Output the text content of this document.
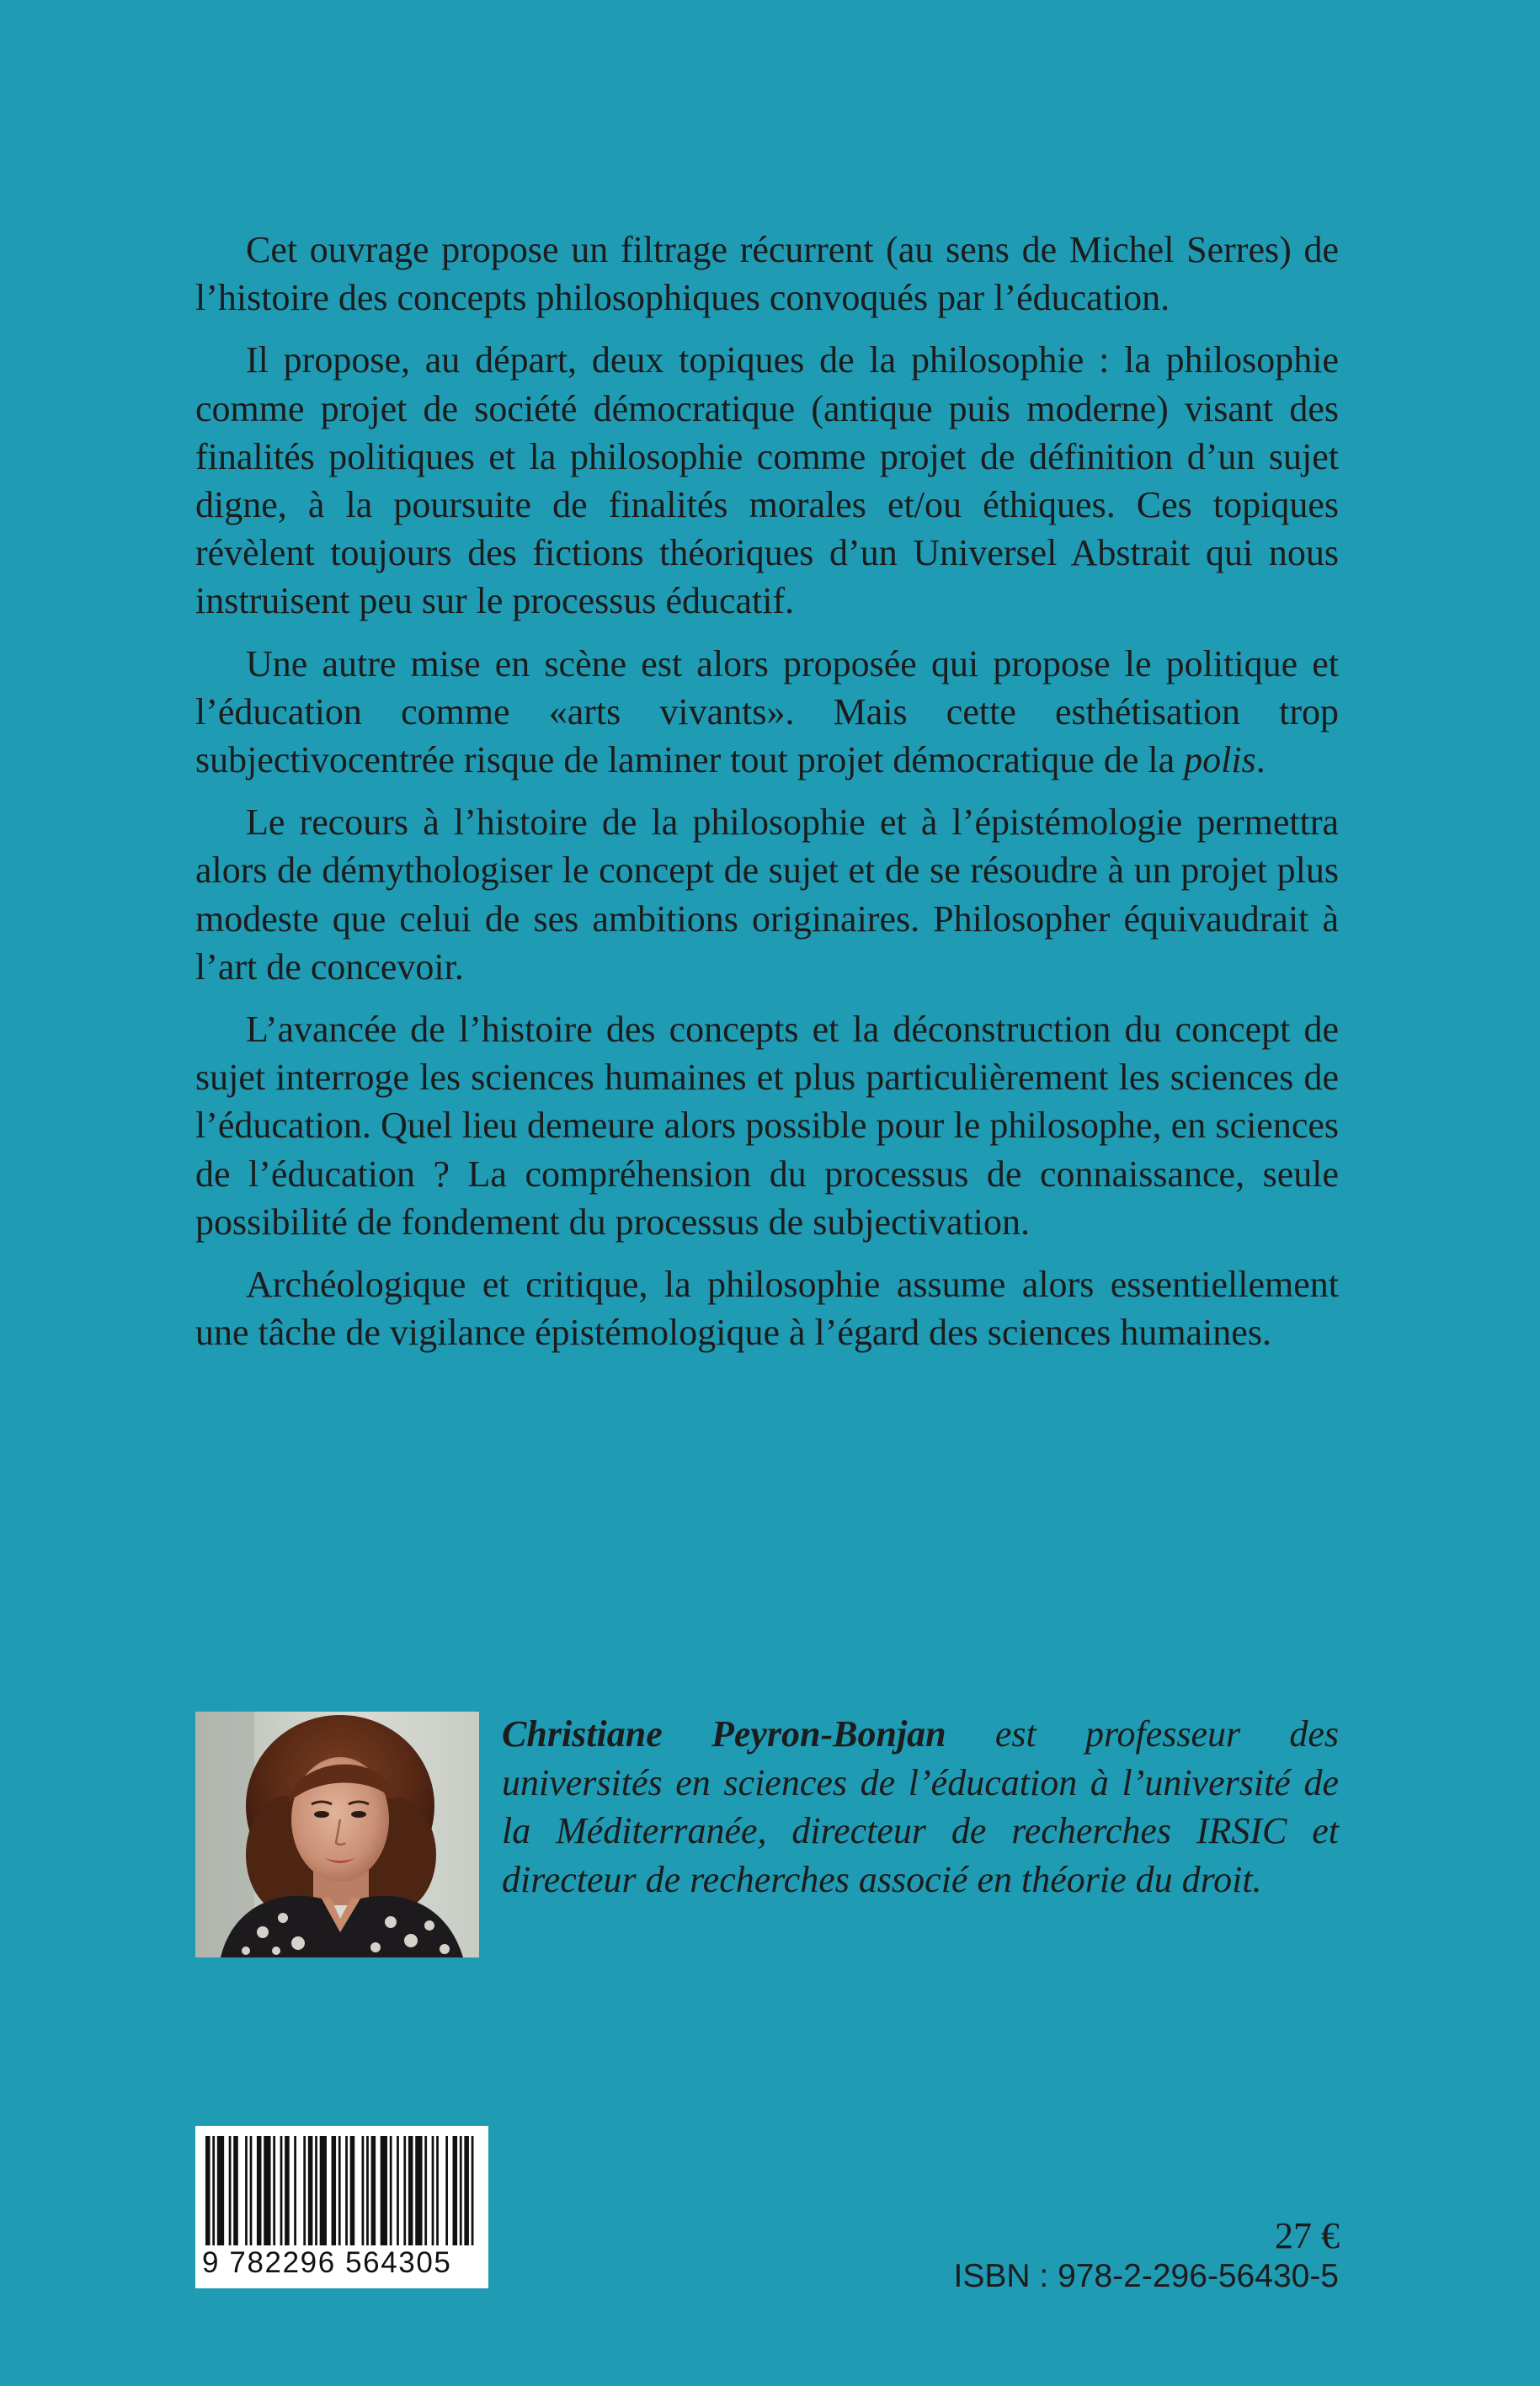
Cet ouvrage propose un filtrage récurrent (au sens de Michel Serres) de l’histoire des concepts philosophiques convoqués par l’éducation.

Il propose, au départ, deux topiques de la philosophie : la philosophie comme projet de société démocratique (antique puis moderne) visant des finalités politiques et la philosophie comme projet de définition d’un sujet digne, à la poursuite de finalités morales et/ou éthiques. Ces topiques révèlent toujours des fictions théoriques d’un Universel Abstrait qui nous instruisent peu sur le processus éducatif.

Une autre mise en scène est alors proposée qui propose le politique et l’éducation comme «arts vivants». Mais cette esthétisation trop subjectivocentrée risque de laminer tout projet démocratique de la polis.

Le recours à l’histoire de la philosophie et à l’épistémologie permettra alors de démythologiser le concept de sujet et de se résoudre à un projet plus modeste que celui de ses ambitions originaires. Philosopher équivaudrait à l’art de concevoir.

L’avancée de l’histoire des concepts et la déconstruction du concept de sujet interroge les sciences humaines et plus particulièrement les sciences de l’éducation. Quel lieu demeure alors possible pour le philosophe, en sciences de l’éducation ? La compréhension du processus de connaissance, seule possibilité de fondement du processus de subjectivation.

Archéologique et critique, la philosophie assume alors essentiellement une tâche de vigilance épistémologique à l’égard des sciences humaines.

Christiane Peyron-Bonjan est professeur des universités en sciences de l’éducation à l’université de la Méditerranée, directeur de recherches IRSIC et directeur de recherches associé en théorie du droit.
9 782296 564305
27 €
ISBN : 978-2-296-56430-5
